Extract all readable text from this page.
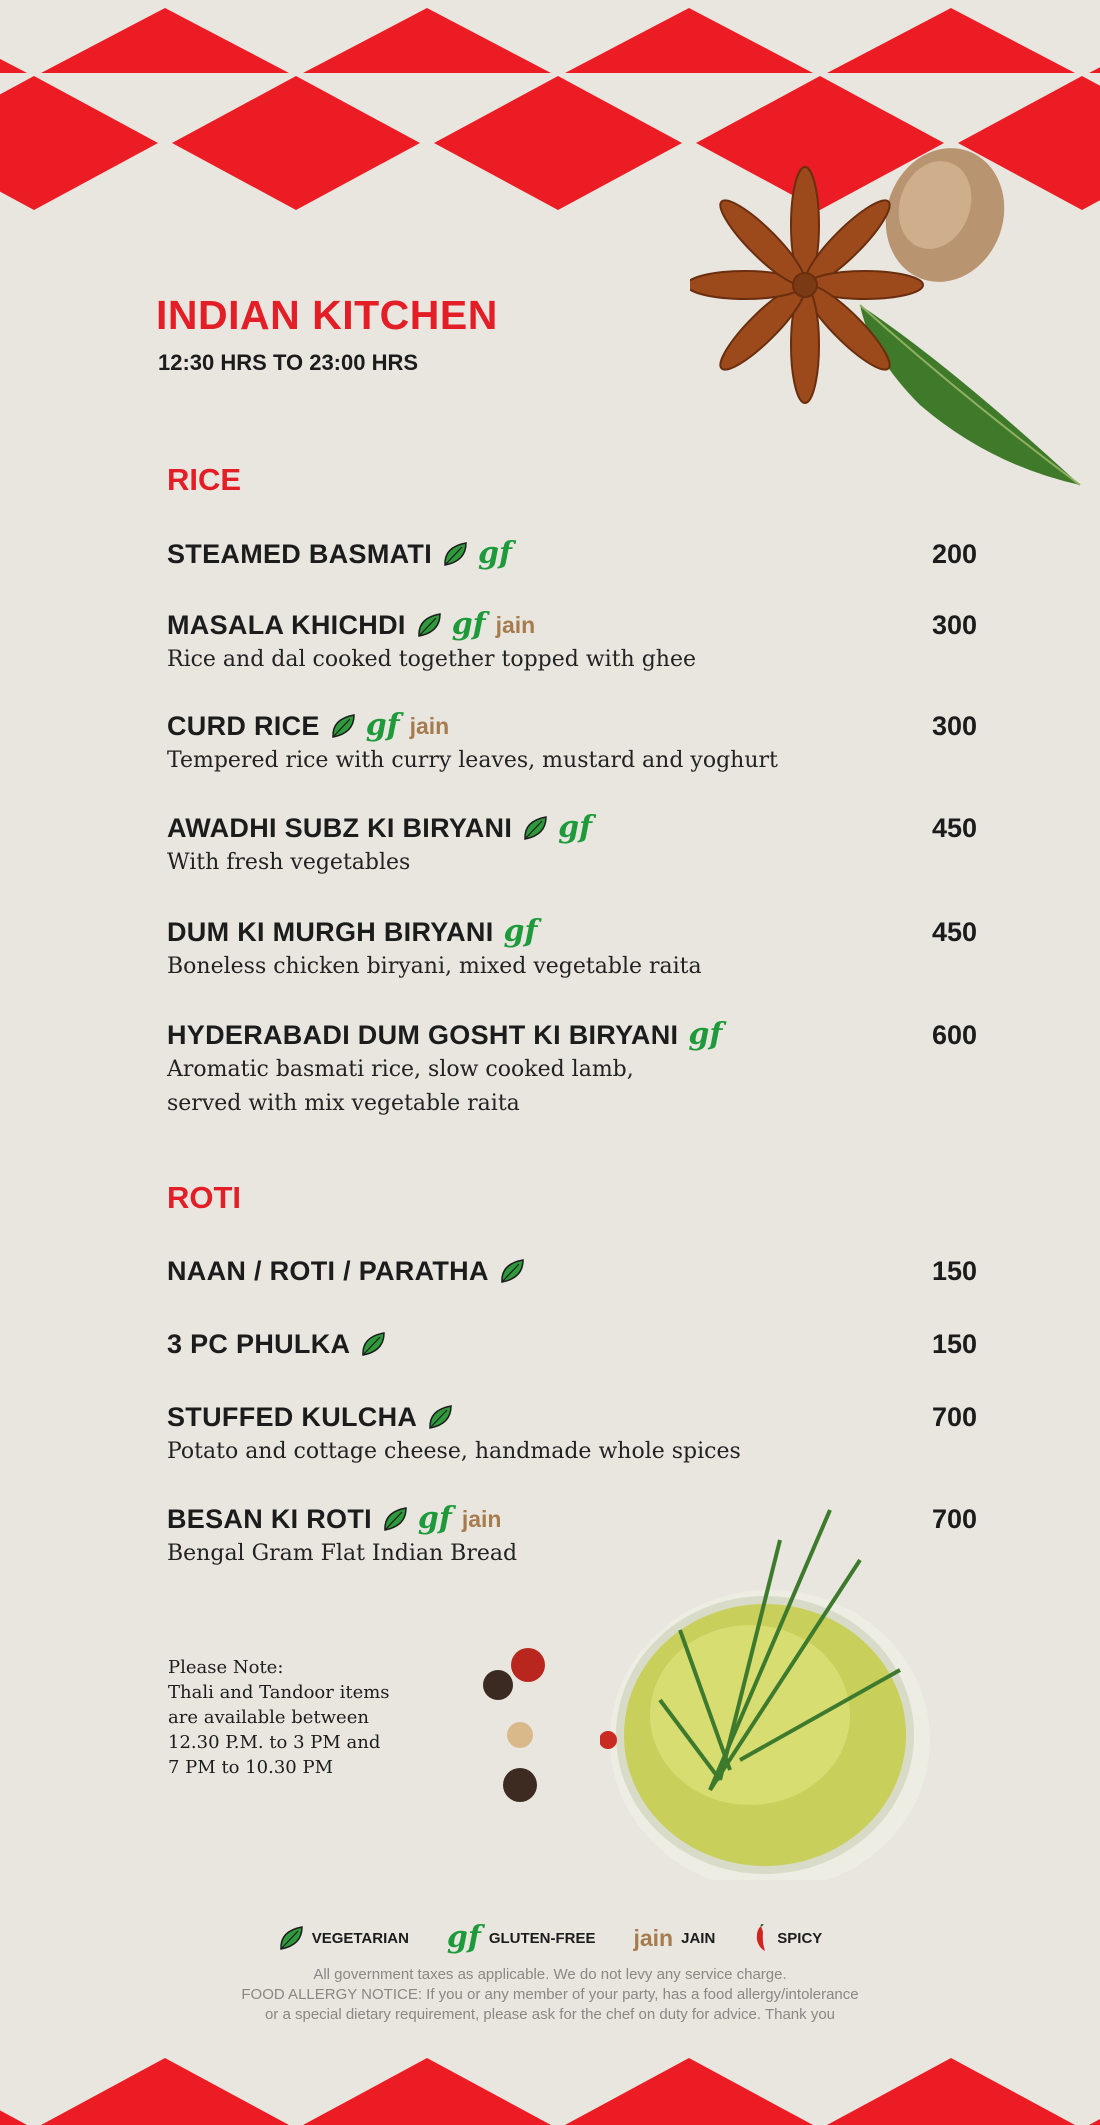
INDIAN KITCHEN
12:30 HRS TO 23:00 HRS
RICE
STEAMED BASMATI gf	200
MASALA KHICHDI gf jain	300
Rice and dal cooked together topped with ghee
CURD RICE gf jain	300
Tempered rice with curry leaves, mustard and yoghurt
AWADHI SUBZ KI BIRYANI gf	450
With fresh vegetables
DUM KI MURGH BIRYANI gf	450
Boneless chicken biryani, mixed vegetable raita
HYDERABADI DUM GOSHT KI BIRYANI gf	600
Aromatic basmati rice, slow cooked lamb,
served with mix vegetable raita
ROTI
NAAN / ROTI / PARATHA	150
3 PC PHULKA	150
STUFFED KULCHA	700
Potato and cottage cheese, handmade whole spices
BESAN KI ROTI gf jain	700
Bengal Gram Flat Indian Bread
Please Note:
Thali and Tandoor items
are available between
12.30 P.M. to 3 PM and
7 PM to 10.30 PM
VEGETARIAN gf GLUTEN-FREE jain JAIN	SPICY
All government taxes as applicable. We do not levy any service charge.
FOOD ALLERGY NOTICE: If you or any member of your party, has a food allergy/intolerance
or a special dietary requirement, please ask for the chef on duty for advice. Thank you
